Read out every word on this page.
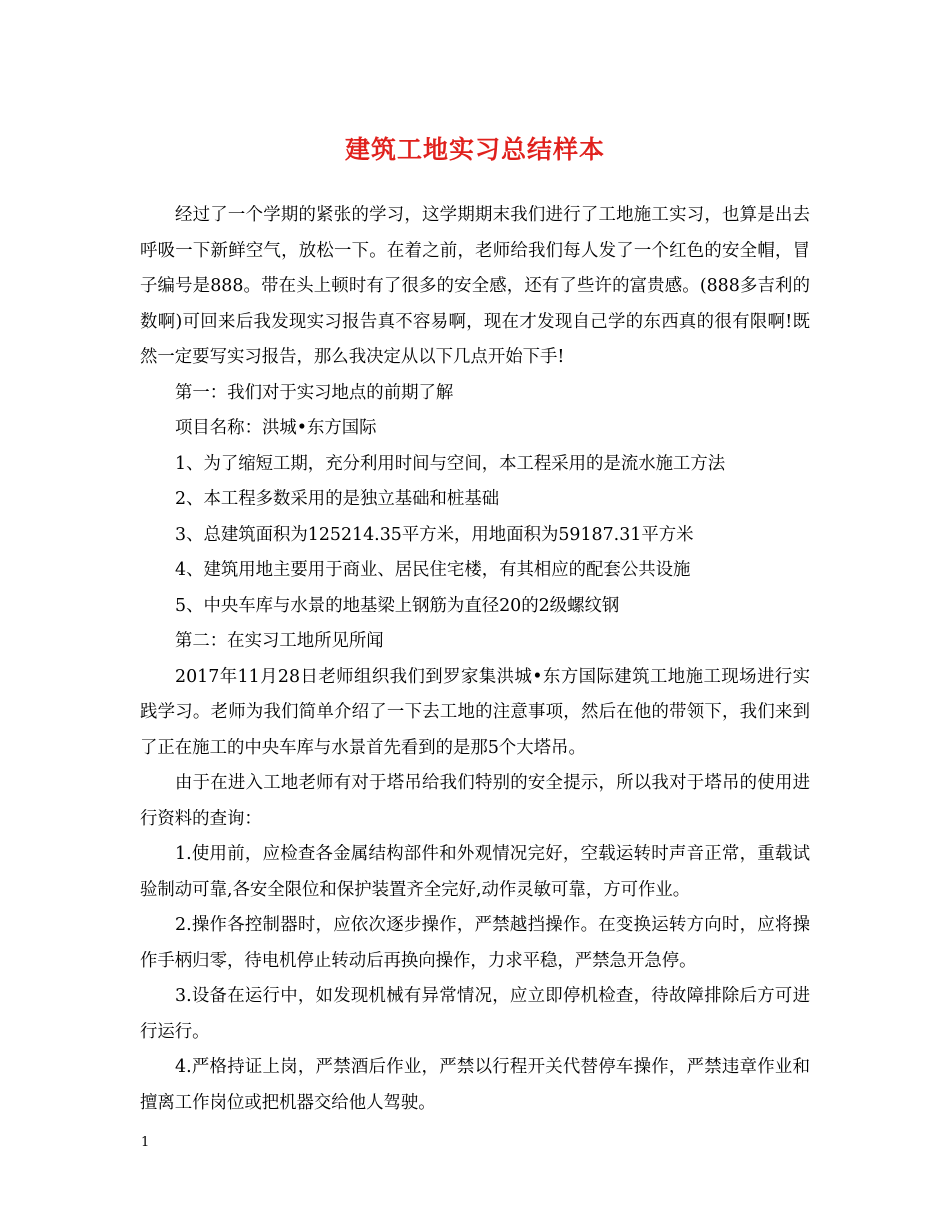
建筑工地实习总结样本

经过了一个学期的紧张的学习，这学期期末我们进行了工地施工实习，也算是出去呼吸一下新鲜空气，放松一下。在着之前，老师给我们每人发了一个红色的安全帽，冒子编号是888。带在头上顿时有了很多的安全感，还有了些许的富贵感。(888多吉利的数啊)可回来后我发现实习报告真不容易啊，现在才发现自己学的东西真的很有限啊!既然一定要写实习报告，那么我决定从以下几点开始下手!

第一：我们对于实习地点的前期了解

项目名称：洪城•东方国际

1、为了缩短工期，充分利用时间与空间，本工程采用的是流水施工方法

2、本工程多数采用的是独立基础和桩基础

3、总建筑面积为125214.35平方米，用地面积为59187.31平方米

4、建筑用地主要用于商业、居民住宅楼，有其相应的配套公共设施

5、中央车库与水景的地基梁上钢筋为直径20的2级螺纹钢

第二：在实习工地所见所闻

2017年11月28日老师组织我们到罗家集洪城•东方国际建筑工地施工现场进行实践学习。老师为我们简单介绍了一下去工地的注意事项，然后在他的带领下，我们来到了正在施工的中央车库与水景首先看到的是那5个大塔吊。

由于在进入工地老师有对于塔吊给我们特别的安全提示，所以我对于塔吊的使用进行资料的查询：

1.使用前，应检查各金属结构部件和外观情况完好，空载运转时声音正常，重载试验制动可靠,各安全限位和保护装置齐全完好,动作灵敏可靠，方可作业。

2.操作各控制器时，应依次逐步操作，严禁越挡操作。在变换运转方向时，应将操作手柄归零，待电机停止转动后再换向操作，力求平稳，严禁急开急停。

3.设备在运行中，如发现机械有异常情况，应立即停机检查，待故障排除后方可进行运行。

4.严格持证上岗，严禁酒后作业，严禁以行程开关代替停车操作，严禁违章作业和擅离工作岗位或把机器交给他人驾驶。

1
